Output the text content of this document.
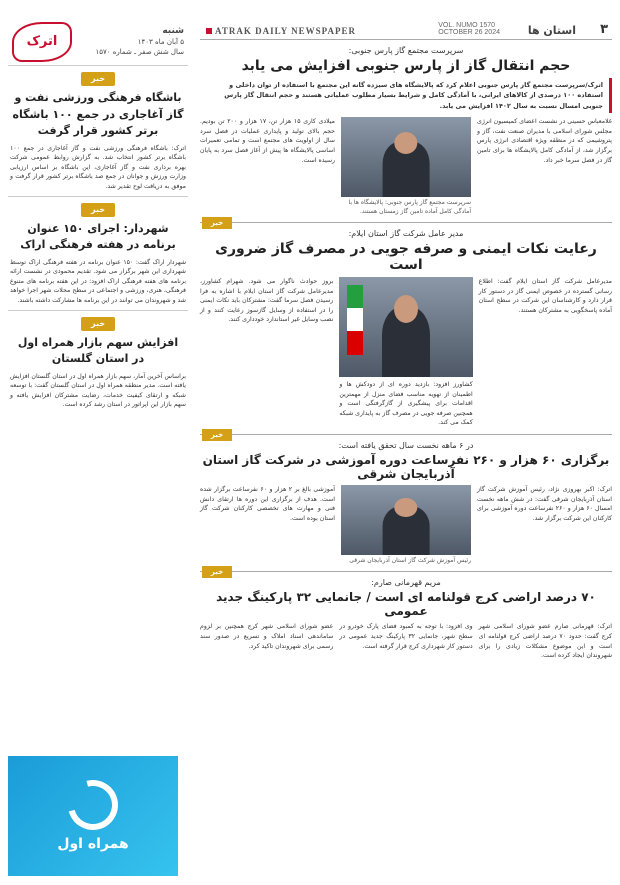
۳
استان ها
VOL. NUMO 1570
OCTOBER 26 2024
ATRAK DAILY NEWSPAPER
شنبه
۵ آبان ماه ۱۴۰۳
سال شش صفر ـ شماره ۱۵۷۰
اترک
خبر
باشگاه فرهنگی ورزشی نفت و گاز آغاجاری در جمع ۱۰۰ باشگاه برتر کشور قرار گرفت

اترک: باشگاه فرهنگی ورزشی نفت و گاز آغاجاری در جمع ۱۰۰ باشگاه برتر کشور انتخاب شد. به گزارش روابط عمومی شرکت بهره برداری نفت و گاز آغاجاری، این باشگاه بر اساس ارزیابی وزارت ورزش و جوانان در جمع صد باشگاه برتر کشور قرار گرفت و موفق به دریافت لوح تقدیر شد.

خبر
شهردار: اجرای ۱۵۰ عنوان برنامه در هفته فرهنگی اراک

شهردار اراک گفت: ۱۵۰ عنوان برنامه در هفته فرهنگی اراک توسط شهرداری این شهر برگزار می شود. تقدیم محمودی در نشست ارائه برنامه های هفته فرهنگی اراک افزود: در این هفته برنامه های متنوع فرهنگی، هنری، ورزشی و اجتماعی در سطح محلات شهر اجرا خواهد شد و شهروندان می توانند در این برنامه ها مشارکت داشته باشند.

خبر
افزایش سهم بازار همراه اول در استان گلستان

براساس آخرین آمار، سهم بازار همراه اول در استان گلستان افزایش یافته است. مدیر منطقه همراه اول در استان گلستان گفت: با توسعه شبکه و ارتقای کیفیت خدمات، رضایت مشترکان افزایش یافته و سهم بازار این اپراتور در استان رشد کرده است.

همراه اول
سرپرست مجتمع گاز پارس جنوبی:
حجم انتقال گاز از پارس جنوبی افزایش می یابد
اترک/سرپرست مجتمع گاز پارس جنوبی اعلام کرد که پالایشگاه های سیزده گانه این مجتمع با استفاده از توان داخلی و استفاده ۱۰۰ درصدی از کالاهای ایرانی، با آمادگی کامل و شرایط بسیار مطلوب عملیاتی هستند و حجم انتقال گاز پارس جنوبی امسال نسبت به سال ۱۴۰۲ افزایش می یابد.

غلامعباس حسینی در نشست اعضای کمیسیون انرژی مجلس شورای اسلامی با مدیران صنعت نفت، گاز و پتروشیمی که در منطقه ویژه اقتصادی انرژی پارس برگزار شد، از آمادگی کامل پالایشگاه ها برای تامین گاز در فصل سرما خبر داد.

سرپرست مجتمع گاز پارس جنوبی: پالایشگاه ها با آمادگی کامل آماده تامین گاز زمستان هستند.

میلادی کاری ۱۵ هزار تن، ۱۷ هزار و ۲۰۰ تن بودیم. حجم بالای تولید و پایداری عملیات در فصل سرد سال از اولویت های مجتمع است و تمامی تعمیرات اساسی پالایشگاه ها پیش از آغاز فصل سرد به پایان رسیده است.

خبر
مدیر عامل شرکت گاز استان ایلام:
رعایت نکات ایمنی و صرفه جویی در مصرف گاز ضروری است

مدیرعامل شرکت گاز استان ایلام گفت: اطلاع رسانی گسترده در خصوص ایمنی گاز در دستور کار قرار دارد و کارشناسان این شرکت در سطح استان آماده پاسخگویی به مشترکان هستند.

کشاورز افزود: بازدید دوره ای از دودکش ها و اطمینان از تهویه مناسب فضای منزل از مهمترین اقدامات برای پیشگیری از گازگرفتگی است و همچنین صرفه جویی در مصرف گاز به پایداری شبکه کمک می کند.

بروز حوادث ناگوار می شود. شهرام کشاورز، مدیرعامل شرکت گاز استان ایلام با اشاره به فرا رسیدن فصل سرما گفت: مشترکان باید نکات ایمنی را در استفاده از وسایل گازسوز رعایت کنند و از نصب وسایل غیر استاندارد خودداری کنند.

خبر
در ۶ ماهه نخست سال تحقق یافته است:
برگزاری ۶۰ هزار و ۲۶۰ نفرساعت دوره آموزشی در شرکت گاز استان آذربایجان شرقی

اترک: اکبر بهروزی نژاد، رئیس آموزش شرکت گاز استان آذربایجان شرقی گفت: در شش ماهه نخست امسال ۶۰ هزار و ۲۶۰ نفرساعت دوره آموزشی برای کارکنان این شرکت برگزار شد.

رئیس آموزش شرکت گاز استان آذربایجان شرقی

آموزشی بالغ بر ۲ هزار و ۶۰ نفرساعت برگزار شده است. هدف از برگزاری این دوره ها ارتقای دانش فنی و مهارت های تخصصی کارکنان شرکت گاز استان بوده است.

خبر
مریم قهرمانی صارم:
۷۰ درصد اراضی کرج قولنامه ای است / جانمایی ۳۲ پارکینگ جدید عمومی

اترک: قهرمانی صارم عضو شورای اسلامی شهر کرج گفت: حدود ۷۰ درصد اراضی کرج قولنامه ای است و این موضوع مشکلات زیادی را برای شهروندان ایجاد کرده است.

وی افزود: با توجه به کمبود فضای پارک خودرو در سطح شهر، جانمایی ۳۲ پارکینگ جدید عمومی در دستور کار شهرداری کرج قرار گرفته است.

عضو شورای اسلامی شهر کرج همچنین بر لزوم ساماندهی اسناد املاک و تسریع در صدور سند رسمی برای شهروندان تاکید کرد.
